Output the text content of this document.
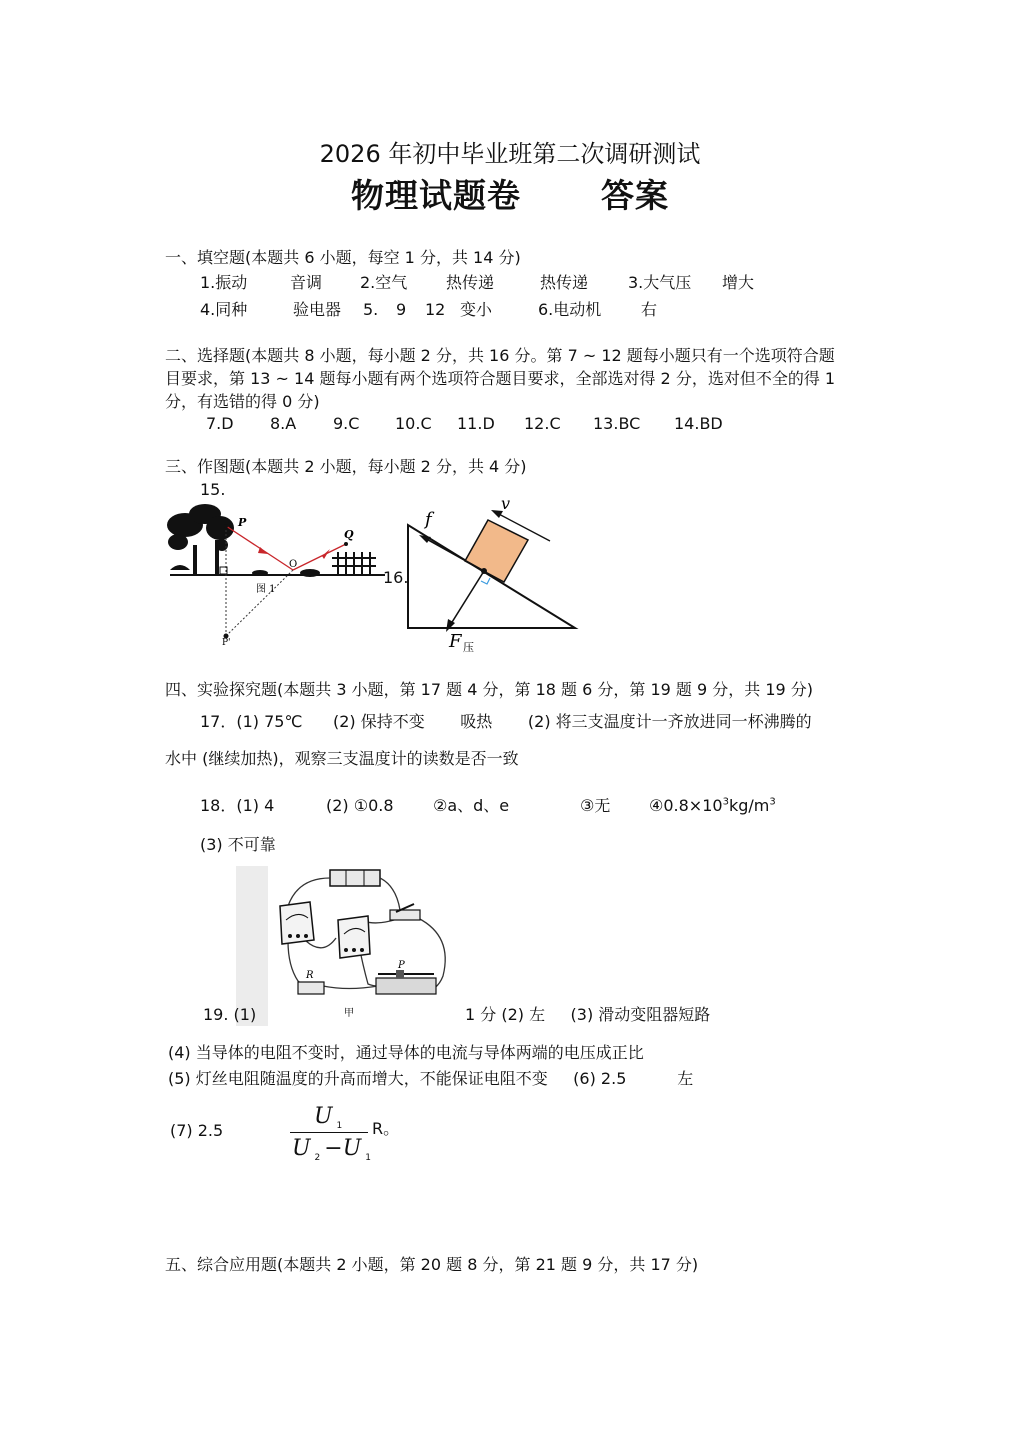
2026 年初中毕业班第二次调研测试
物理试题卷 答案
一、填空题(本题共 6 小题，每空 1 分，共 14 分)
1.振动	音调 2.空气 热传递	热传递 3.大气压 增大
4.同种	验电器 5. 9 12 变小	6.电动机 右
二、选择题(本题共 8 小题，每小题 2 分，共 16 分。第 7 ~ 12 题每小题只有一个选项符合题
目要求，第 13 ~ 14 题每小题有两个选项符合题目要求，全部选对得 2 分，选对但不全的得 1
分，有选错的得 0 分)
7.D 8.A 9.C 10.C 11.D 12.C 13.BC 14.BD
三、作图题(本题共 2 小题，每小题 2 分，共 4 分)
15.
16.
P
Q
O
P'
图 1
f
v
F 压
四、实验探究题(本题共 3 小题，第 17 题 4 分，第 18 题 6 分，第 19 题 9 分，共 19 分)
17．(1) 75℃      (2) 保持不变       吸热       (2) 将三支温度计一齐放进同一杯沸腾的
水中 (继续加热)，观察三支温度计的读数是否一致
18．(1) 4	(2) ①0.8 ②a、d、e	③无 $④0.8\times 10^3kg/m^3$
(3) 不可靠
R
P
甲
19. (1)	1 分 (2) 左     (3) 滑动变阻器短路
(4) 当导体的电阻不变时，通过导体的电流与导体两端的电压成正比
(5) 灯丝电阻随温度的升高而增大，不能保证电阻不变     (6) 2.5          左
(7) 2.5
U $_1$
U $_2$ −U $_1$
R。
五、综合应用题(本题共 2 小题，第 20 题 8 分，第 21 题 9 分，共 17 分)
